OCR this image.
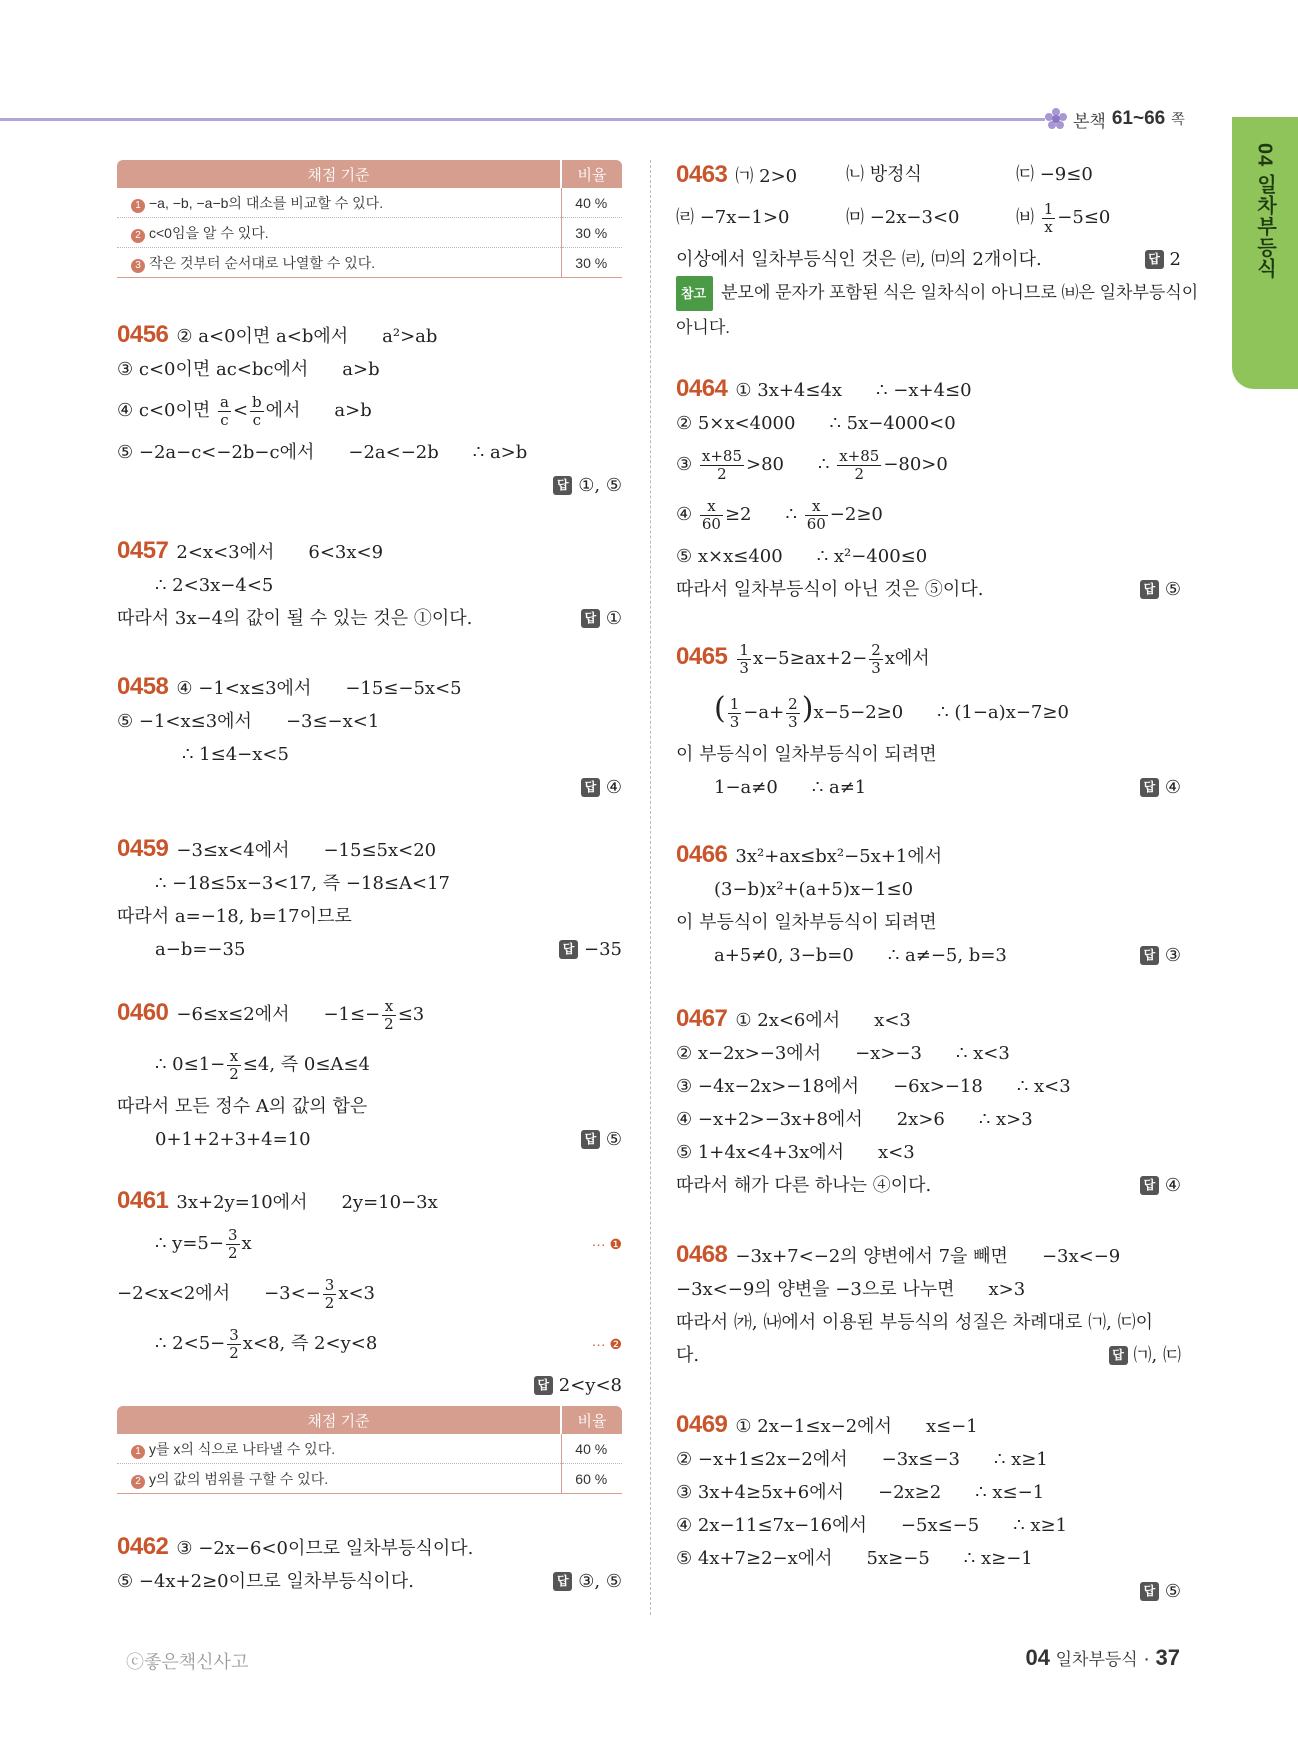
본책 61~66 쪽
04 일차부등식
채점 기준	비율
1 −a, −b, −a−b의 대소를 비교할 수 있다.	40 %
2 c<0임을 알 수 있다.	30 %
3 작은 것부터 순서대로 나열할 수 있다.	30 %
0456 ② a<0이면 a<b에서 a²>ab
③ c<0이면 ac<bc에서 a>b
④ c<0이면 $\frac{a}{c} < \frac{b}{c}$ 에서 a>b
⑤ −2a−c<−2b−c에서 −2a<−2b ∴ a>b
답 ①, ⑤
0457 2<x<3에서 6<3x<9
∴ 2<3x−4<5
따라서 3x−4의 값이 될 수 있는 것은 ①이다.	답 ①
0458 ④ −1<x≤3에서 −15≤−5x<5
⑤ −1<x≤3에서 −3≤−x<1
∴ 1≤4−x<5
답 ④
0459 −3≤x<4에서 −15≤5x<20
∴ −18≤5x−3<17, 즉 −18≤A<17
따라서 a=−18, b=17이므로
a−b=−35	답 −35
0460 −6≤x≤2에서 $-1\le- \frac{x}{2} \le 3$
∴ $0\le 1- \frac{x}{2} \le 4$, 즉 0≤A≤4
따라서 모든 정수 A의 값의 합은
0+1+2+3+4=10	답 ⑤
0461 3x+2y=10에서 2y=10−3x
∴ $y=5- \frac{3}{2}$ x	··· ❶
−2<x<2에서 $-3<- \frac{3}{2} x<3$
∴ $2<5- \frac{3}{2} x<8$, 즉 2<y<8	··· ❷
답 2<y<8
채점 기준	비율
1 y를 x의 식으로 나타낼 수 있다.	40 %
2 y의 값의 범위를 구할 수 있다.	60 %
0462 ③ −2x−6<0이므로 일차부등식이다.
⑤ −4x+2≥0이므로 일차부등식이다.	답 ③, ⑤
0463 ㈀ 2>0	㈁ 방정식	㈂ −9≤0
㈃ −7x−1>0	㈄ −2x−3<0	㈅ $\frac{1}{x} -5\le 0$
이상에서 일차부등식인 것은 ㈃, ㈄의 2개이다.	답 2
참고 분모에 문자가 포함된 식은 일차식이 아니므로 ㈅은 일차부등식이
아니다.
0464 ① 3x+4≤4x ∴ −x+4≤0
② 5×x<4000 ∴ 5x−4000<0
③ $\frac{x+85}{2} >80$ ∴ $\frac{x+85}{2} -80>0$
④ $\frac{x}{60} \ge 2$ ∴ $\frac{x}{60} -2\ge 0$
⑤ x×x≤400 ∴ x²−400≤0
따라서 일차부등식이 아닌 것은 ⑤이다.	답 ⑤
$0465 \frac{1}{3} x-5\ge ax+2- \frac{2}{3}$ x에서
( $\frac{1}{3} -a+ \frac{2}{3} )x-5-2\ge 0$ ∴ (1−a)x−7≥0
이 부등식이 일차부등식이 되려면
1−a≠0 ∴ a≠1	답 ④
0466 3x²+ax≤bx²−5x+1에서
(3−b)x²+(a+5)x−1≤0
이 부등식이 일차부등식이 되려면
a+5≠0, 3−b=0 ∴ a≠−5, b=3	답 ③
0467 ① 2x<6에서 x<3
② x−2x>−3에서 −x>−3 ∴ x<3
③ −4x−2x>−18에서 −6x>−18 ∴ x<3
④ −x+2>−3x+8에서 2x>6 ∴ x>3
⑤ 1+4x<4+3x에서 x<3
따라서 해가 다른 하나는 ④이다.	답 ④
0468 −3x+7<−2의 양변에서 7을 빼면 −3x<−9
−3x<−9의 양변을 −3으로 나누면 x>3
따라서 ㈎, ㈏에서 이용된 부등식의 성질은 차례대로 ㈀, ㈂이
다.	답 ㈀, ㈂
0469 ① 2x−1≤x−2에서 x≤−1
② −x+1≤2x−2에서 −3x≤−3 ∴ x≥1
③ 3x+4≥5x+6에서 −2x≥2 ∴ x≤−1
④ 2x−11≤7x−16에서 −5x≤−5 ∴ x≥1
⑤ 4x+7≥2−x에서 5x≥−5 ∴ x≥−1
답 ⑤
ⓒ좋은책신사고	04 일차부등식 · 37
